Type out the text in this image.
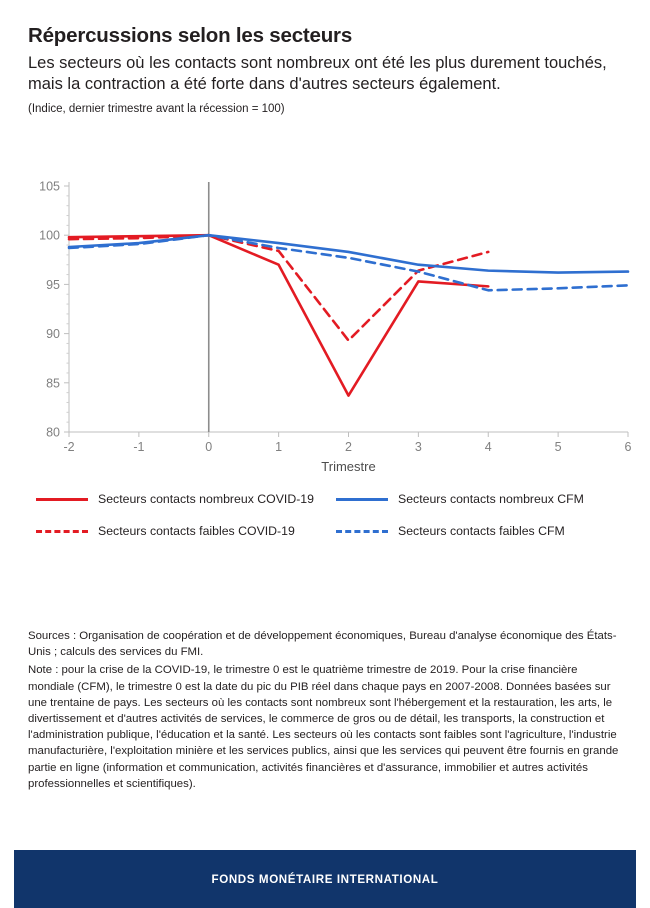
Répercussions selon les secteurs
Les secteurs où les contacts sont nombreux ont été les plus durement touchés, mais la contraction a été forte dans d'autres secteurs également.
(Indice, dernier trimestre avant la récession = 100)
80
85
90
95
100
105
-2	-1	0	1	2	3	4	5	6
Trimestre
Secteurs contacts nombreux COVID-19	Secteurs contacts nombreux CFM
Secteurs contacts faibles COVID-19	Secteurs contacts faibles CFM

Sources : Organisation de coopération et de développement économiques, Bureau d'analyse économique des États-Unis ; calculs des services du FMI.

Note : pour la crise de la COVID-19, le trimestre 0 est le quatrième trimestre de 2019. Pour la crise financière mondiale (CFM), le trimestre 0 est la date du pic du PIB réel dans chaque pays en 2007-2008. Données basées sur une trentaine de pays. Les secteurs où les contacts sont nombreux sont l'hébergement et la restauration, les arts, le divertissement et d'autres activités de services, le commerce de gros ou de détail, les transports, la construction et l'administration publique, l'éducation et la santé. Les secteurs où les contacts sont faibles sont l'agriculture, l'industrie manufacturière, l'exploitation minière et les services publics, ainsi que les services qui peuvent être fournis en grande partie en ligne (information et communication, activités financières et d'assurance, immobilier et autres activités professionnelles et scientifiques).

FONDS MONÉTAIRE INTERNATIONAL
